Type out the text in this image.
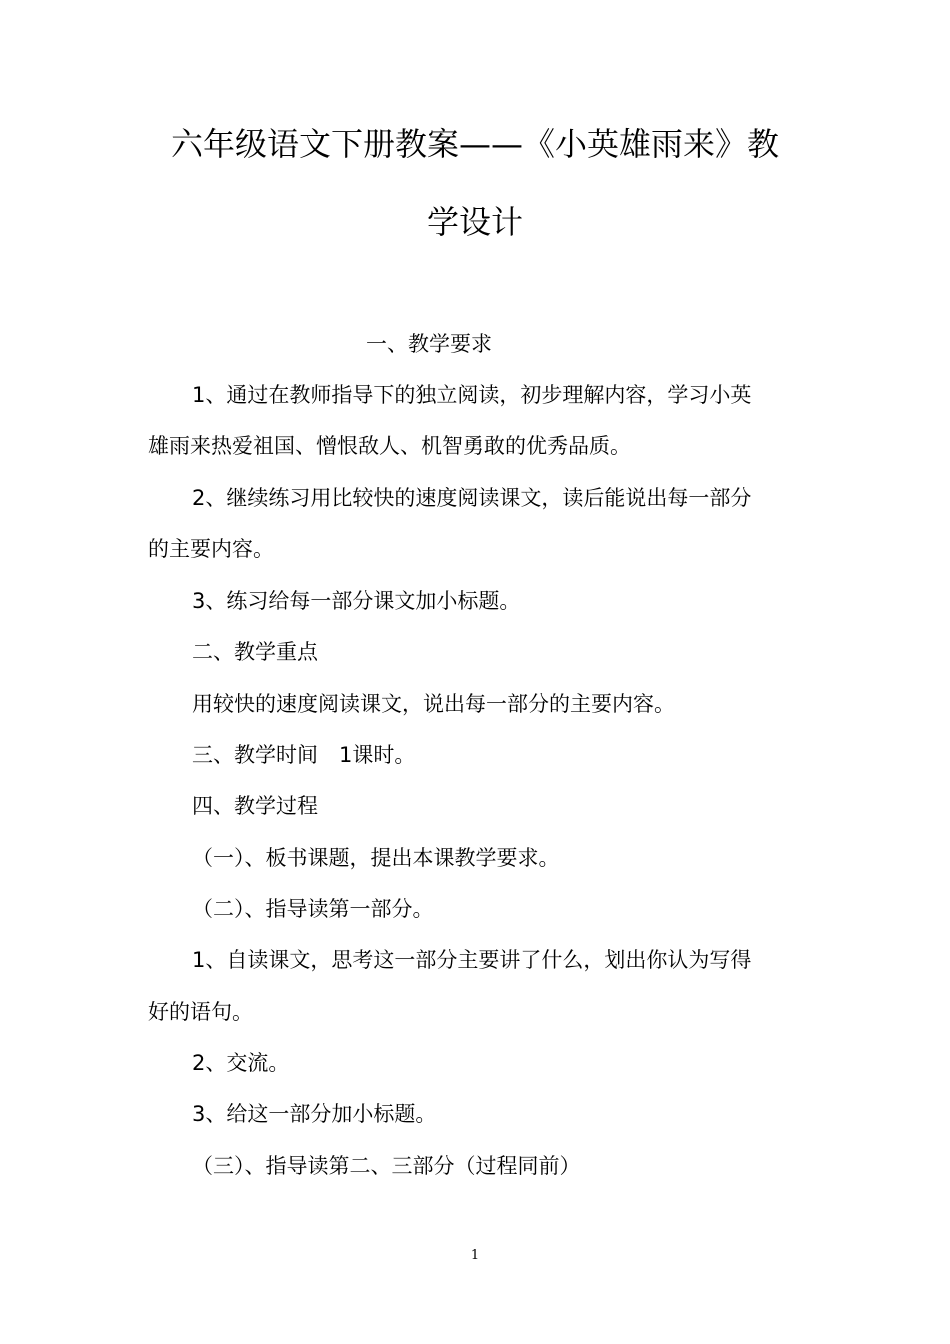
六年级语文下册教案——《小英雄雨来》教
学设计
一、教学要求
1、通过在教师指导下的独立阅读，初步理解内容，学习小英
雄雨来热爱祖国、憎恨敌人、机智勇敢的优秀品质。
2、继续练习用比较快的速度阅读课文，读后能说出每一部分
的主要内容。
3、练习给每一部分课文加小标题。
二、教学重点
用较快的速度阅读课文，说出每一部分的主要内容。
三、教学时间　1课时。
四、教学过程
（一）、板书课题，提出本课教学要求。
（二）、指导读第一部分。
1、自读课文，思考这一部分主要讲了什么，划出你认为写得
好的语句。
2、交流。
3、给这一部分加小标题。
（三）、指导读第二、三部分（过程同前）
1
